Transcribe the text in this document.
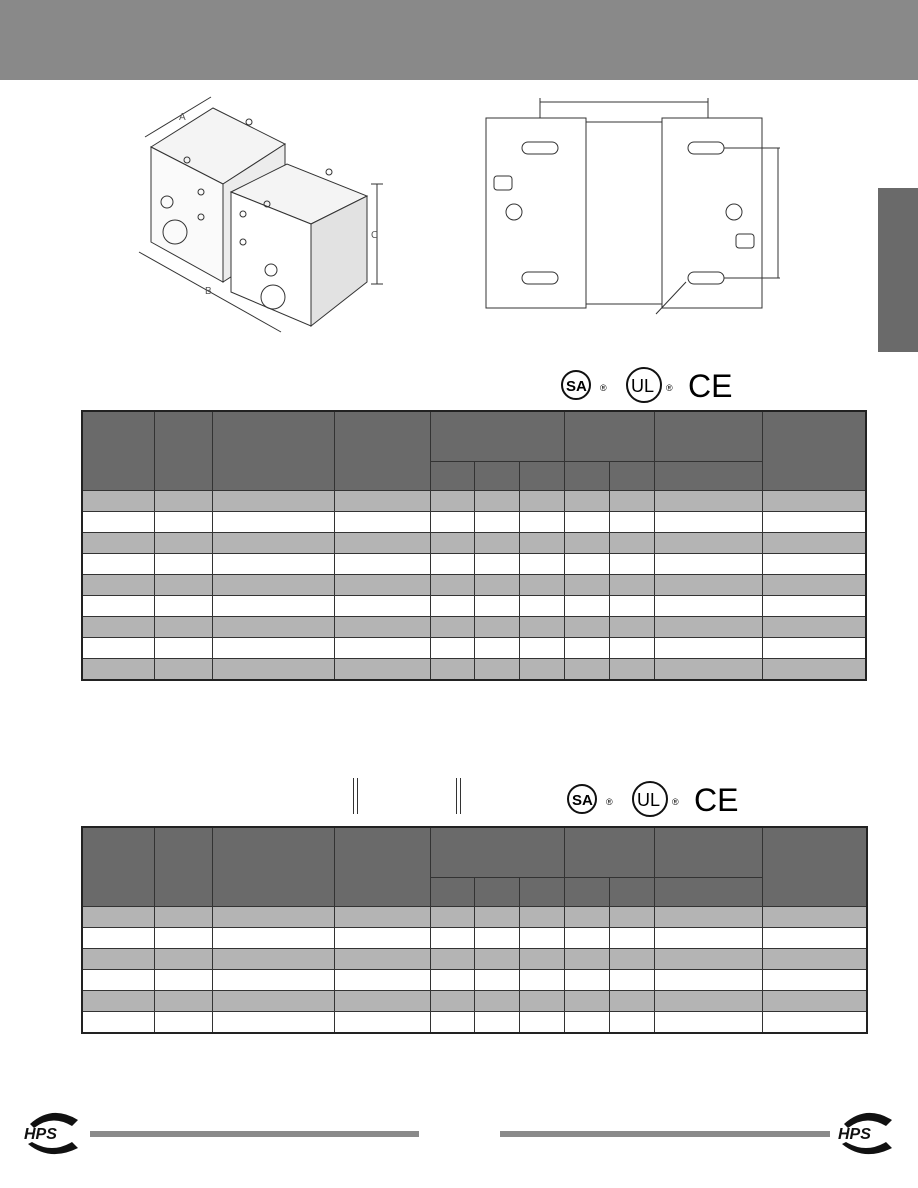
A
B
C
SA ® UL ® CE

SA ® UL ® CE

HPS	HPS
